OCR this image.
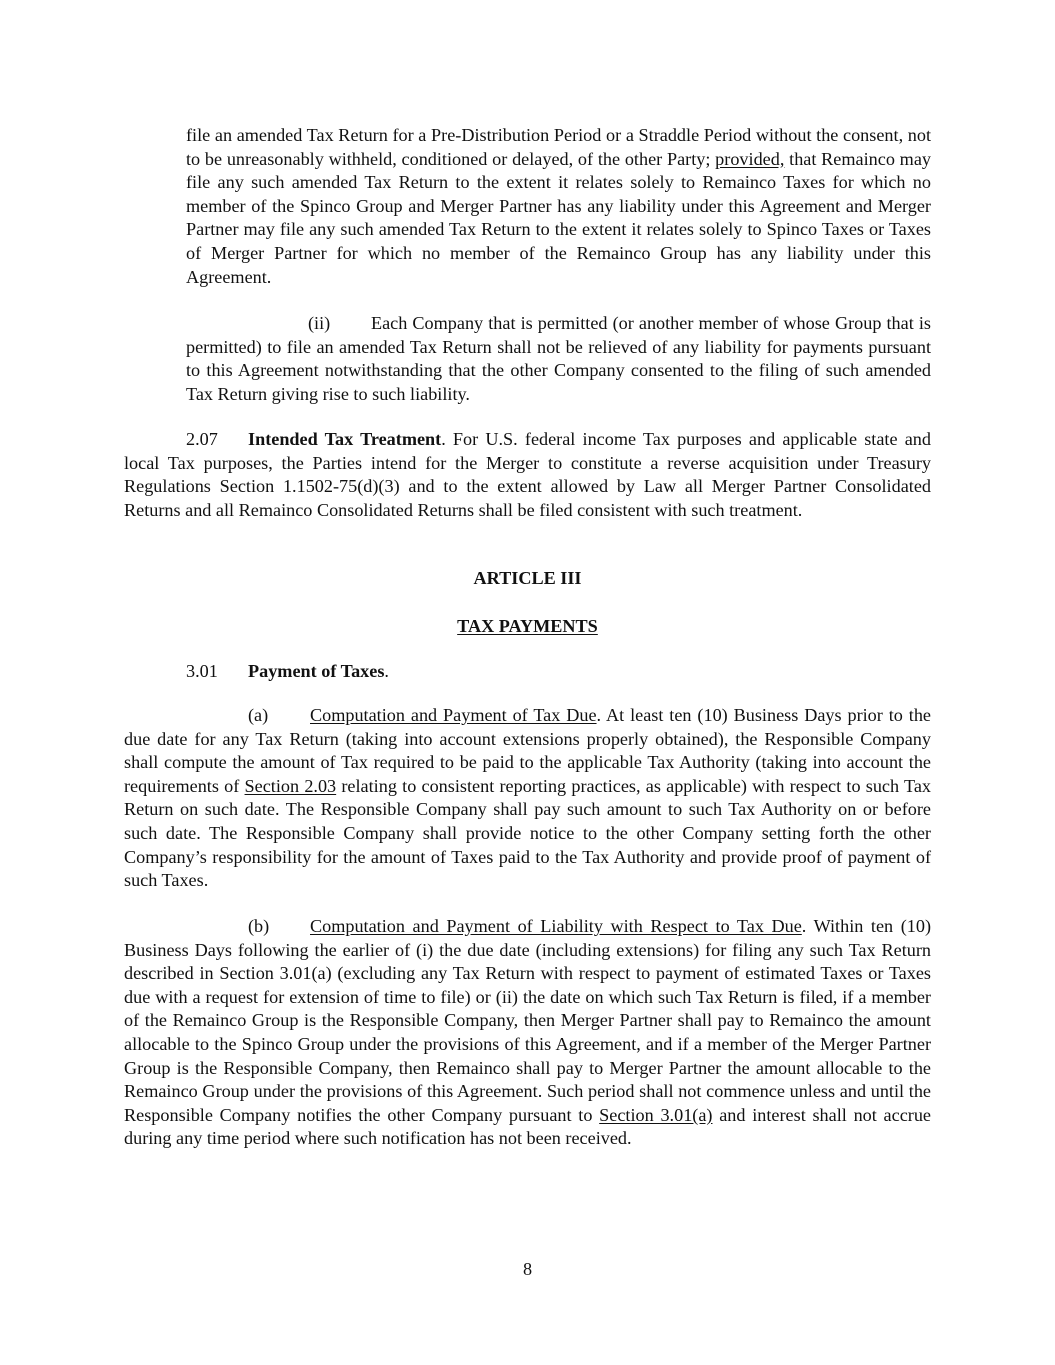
file an amended Tax Return for a Pre-Distribution Period or a Straddle Period without the consent, not to be unreasonably withheld, conditioned or delayed, of the other Party; provided, that Remainco may file any such amended Tax Return to the extent it relates solely to Remainco Taxes for which no member of the Spinco Group and Merger Partner has any liability under this Agreement and Merger Partner may file any such amended Tax Return to the extent it relates solely to Spinco Taxes or Taxes of Merger Partner for which no member of the Remainco Group has any liability under this Agreement.

(ii) Each Company that is permitted (or another member of whose Group that is permitted) to file an amended Tax Return shall not be relieved of any liability for payments pursuant to this Agreement notwithstanding that the other Company consented to the filing of such amended Tax Return giving rise to such liability.

2.07 Intended Tax Treatment. For U.S. federal income Tax purposes and applicable state and local Tax purposes, the Parties intend for the Merger to constitute a reverse acquisition under Treasury Regulations Section 1.1502-75(d)(3) and to the extent allowed by Law all Merger Partner Consolidated Returns and all Remainco Consolidated Returns shall be filed consistent with such treatment.

ARTICLE III
TAX PAYMENTS

3.01 Payment of Taxes.

(a) Computation and Payment of Tax Due. At least ten (10) Business Days prior to the due date for any Tax Return (taking into account extensions properly obtained), the Responsible Company shall compute the amount of Tax required to be paid to the applicable Tax Authority (taking into account the requirements of Section 2.03 relating to consistent reporting practices, as applicable) with respect to such Tax Return on such date. The Responsible Company shall pay such amount to such Tax Authority on or before such date. The Responsible Company shall provide notice to the other Company setting forth the other Company’s responsibility for the amount of Taxes paid to the Tax Authority and provide proof of payment of such Taxes.

(b) Computation and Payment of Liability with Respect to Tax Due. Within ten (10) Business Days following the earlier of (i) the due date (including extensions) for filing any such Tax Return described in Section 3.01(a) (excluding any Tax Return with respect to payment of estimated Taxes or Taxes due with a request for extension of time to file) or (ii) the date on which such Tax Return is filed, if a member of the Remainco Group is the Responsible Company, then Merger Partner shall pay to Remainco the amount allocable to the Spinco Group under the provisions of this Agreement, and if a member of the Merger Partner Group is the Responsible Company, then Remainco shall pay to Merger Partner the amount allocable to the Remainco Group under the provisions of this Agreement. Such period shall not commence unless and until the Responsible Company notifies the other Company pursuant to Section 3.01(a) and interest shall not accrue during any time period where such notification has not been received.

8
